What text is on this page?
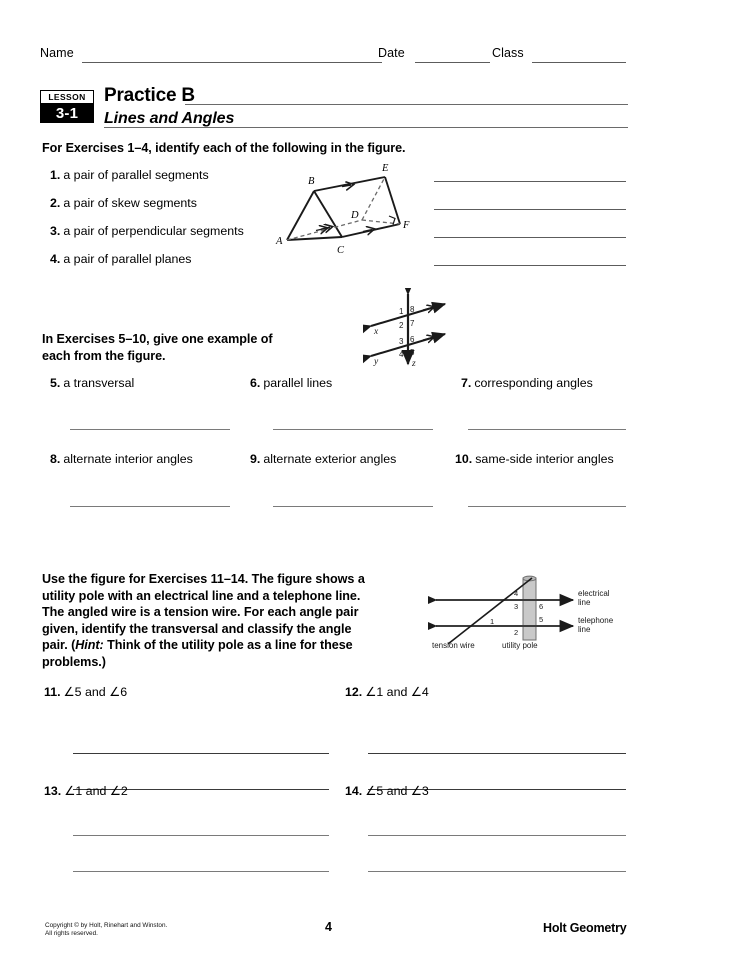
Name	Date	Class
LESSON
3-1
Practice B
Lines and Angles
For Exercises 1–4, identify each of the following in the figure.
1. a pair of parallel segments
2. a pair of skew segments
3. a pair of perpendicular segments
4. a pair of parallel planes
A
B
C
D
E
F
In Exercises 5–10, give one example of
each from the figure.
1 8
2 7
3 6
4 5
x
y	z
5. a transversal	6. parallel lines	7. corresponding angles
8. alternate interior angles	9. alternate exterior angles	10. same-side interior angles
Use the figure for Exercises 11–14. The figure shows a
utility pole with an electrical line and a telephone line.
The angled wire is a tension wire. For each angle pair
given, identify the transversal and classify the angle
pair. (Hint: Think of the utility pole as a line for these
problems.)
1
2
3
4
5
6
electrical
line
telephone
line
tension wire	utility pole
11. ∠5 and ∠6	12. ∠1 and ∠4
13. ∠1 and ∠2	14. ∠5 and ∠3
Copyright © by Holt, Rinehart and Winston.
All rights reserved.	4	Holt Geometry
